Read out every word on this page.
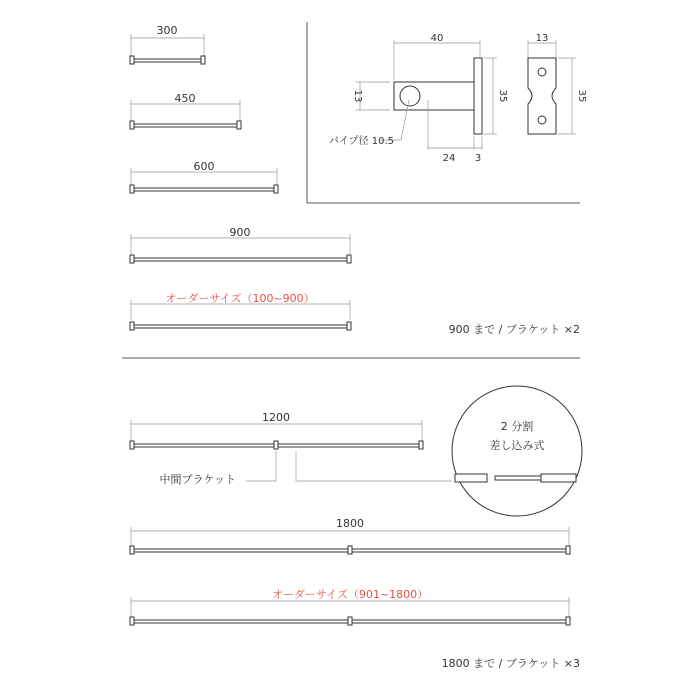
300
450
600
900
オーダーサイズ（100~900）
900 まで / ブラケット ×2
40
13	35
パイプ径 10.5
24 3
13
35
1200
中間ブラケット
2 分割
差し込み式
1800
オーダーサイズ（901~1800）
1800 まで / ブラケット ×3
